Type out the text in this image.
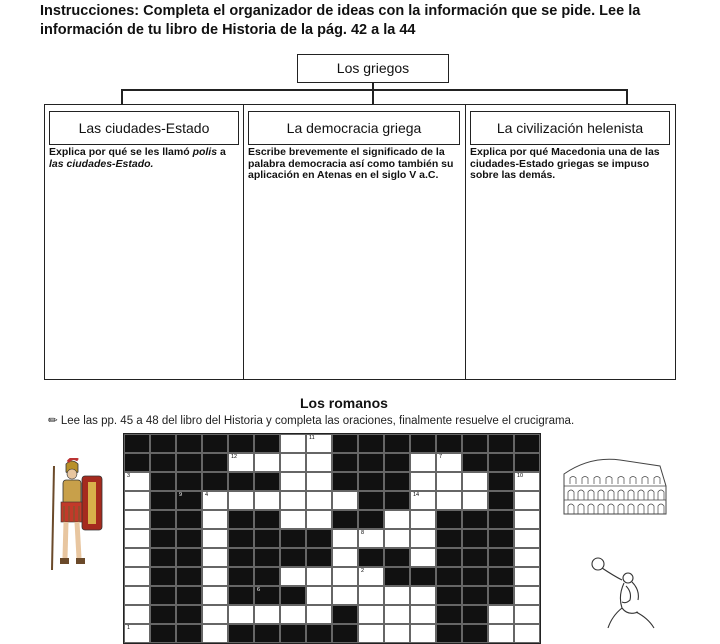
Instrucciones: Completa el organizador de ideas con la información que se pide. Lee la información de tu libro de Historia de la pág. 42 a la 44
Los griegos
Las ciudades-Estado
Explica por qué se les llamó polis a las ciudades-Estado.
La democracia griega
Escribe brevemente el significado de la palabra democracia así como también su aplicación en Atenas en el siglo V a.C.
La civilización helenista
Explica por qué Macedonia una de las ciudades-Estado griegas se impuso sobre las demás.
Los romanos
✏ Lee las pp. 45 a 48 del libro del Historia y completa las oraciones, finalmente resuelve el crucigrama.
11
12	7
3	10
9	4	14
8
2
6
1
